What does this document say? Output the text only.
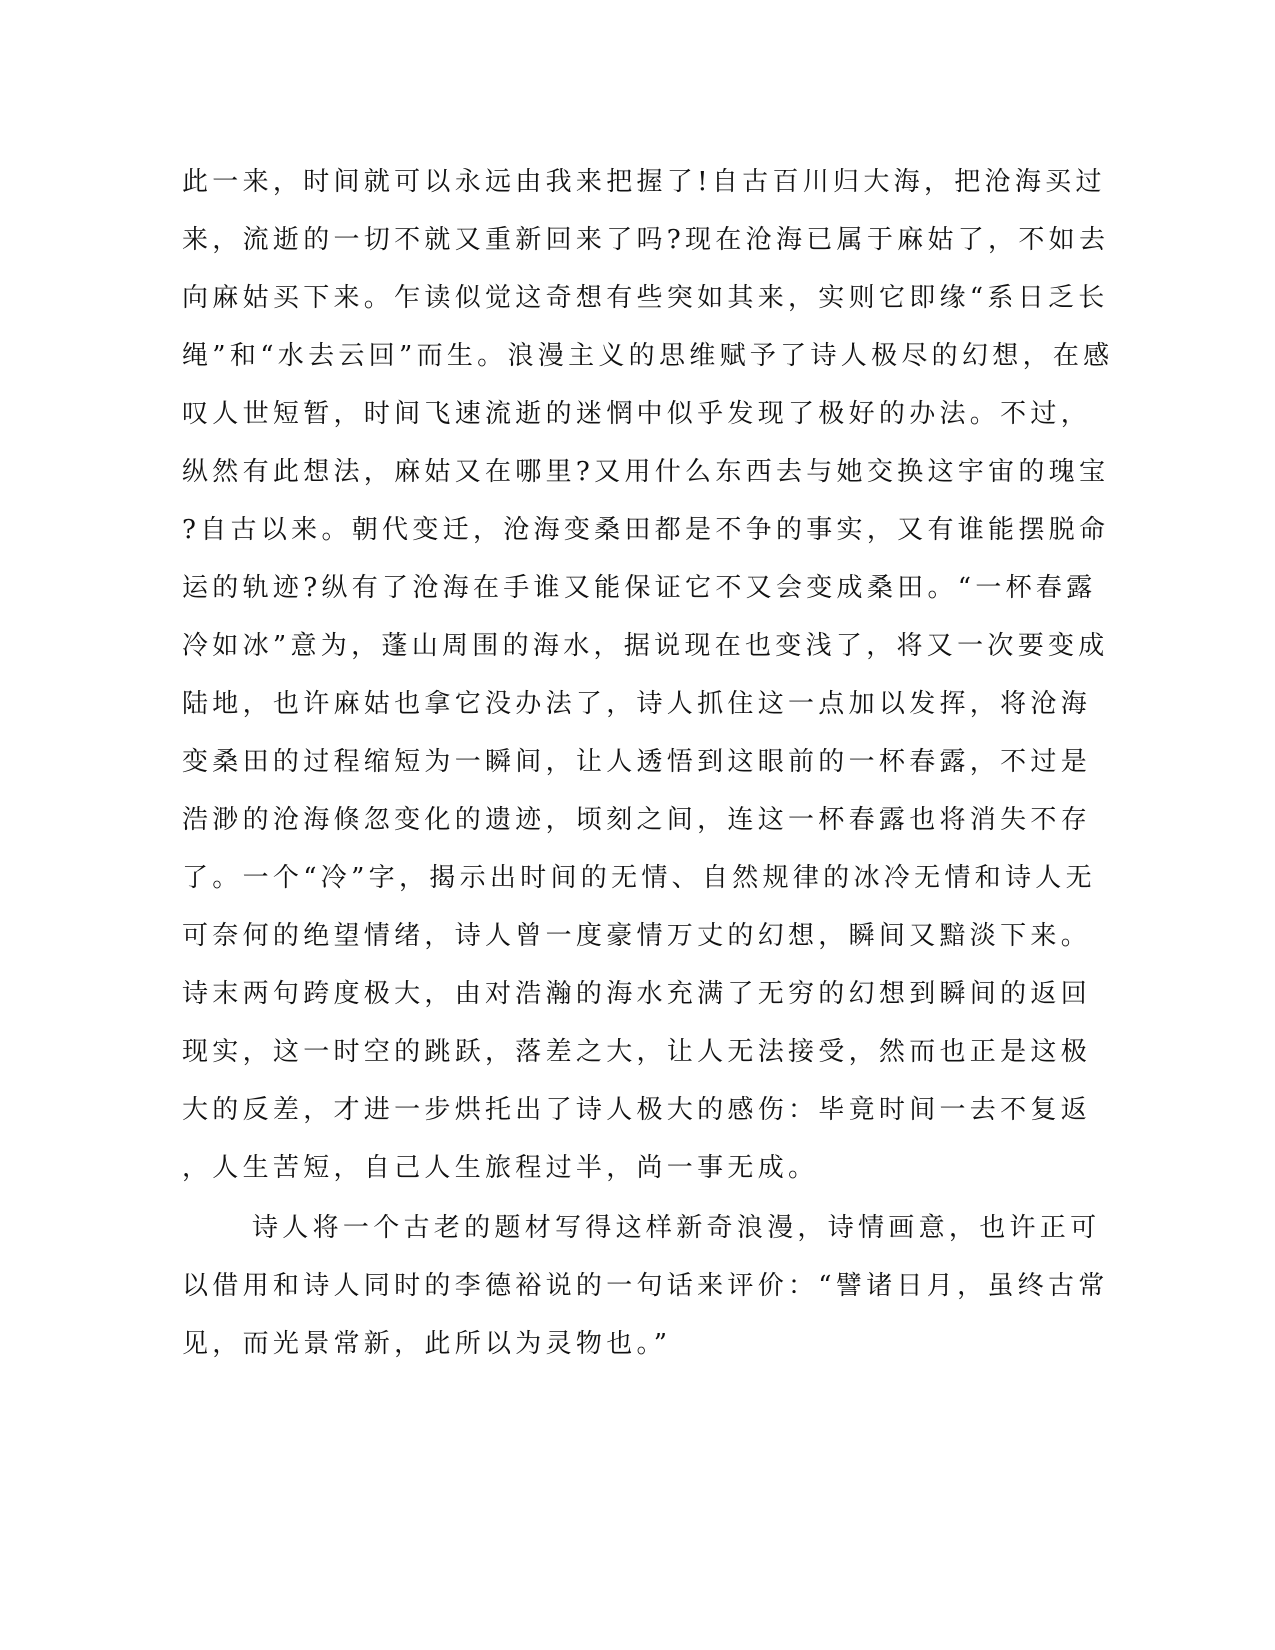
此一来，时间就可以永远由我来把握了!自古百川归大海，把沧海买过
来，流逝的一切不就又重新回来了吗?现在沧海已属于麻姑了，不如去
向麻姑买下来。乍读似觉这奇想有些突如其来，实则它即缘“系日乏长
绳”和“水去云回”而生。浪漫主义的思维赋予了诗人极尽的幻想，在感
叹人世短暂，时间飞速流逝的迷惘中似乎发现了极好的办法。不过，
纵然有此想法，麻姑又在哪里?又用什么东西去与她交换这宇宙的瑰宝
?自古以来。朝代变迁，沧海变桑田都是不争的事实，又有谁能摆脱命
运的轨迹?纵有了沧海在手谁又能保证它不又会变成桑田。“一杯春露
冷如冰”意为，蓬山周围的海水，据说现在也变浅了，将又一次要变成
陆地，也许麻姑也拿它没办法了，诗人抓住这一点加以发挥，将沧海
变桑田的过程缩短为一瞬间，让人透悟到这眼前的一杯春露，不过是
浩渺的沧海倏忽变化的遗迹，顷刻之间，连这一杯春露也将消失不存
了。一个“冷”字，揭示出时间的无情、自然规律的冰冷无情和诗人无
可奈何的绝望情绪，诗人曾一度豪情万丈的幻想，瞬间又黯淡下来。
诗末两句跨度极大，由对浩瀚的海水充满了无穷的幻想到瞬间的返回
现实，这一时空的跳跃，落差之大，让人无法接受，然而也正是这极
大的反差，才进一步烘托出了诗人极大的感伤：毕竟时间一去不复返
，人生苦短，自己人生旅程过半，尚一事无成。
诗人将一个古老的题材写得这样新奇浪漫，诗情画意，也许正可
以借用和诗人同时的李德裕说的一句话来评价：“譬诸日月，虽终古常
见，而光景常新，此所以为灵物也。”
